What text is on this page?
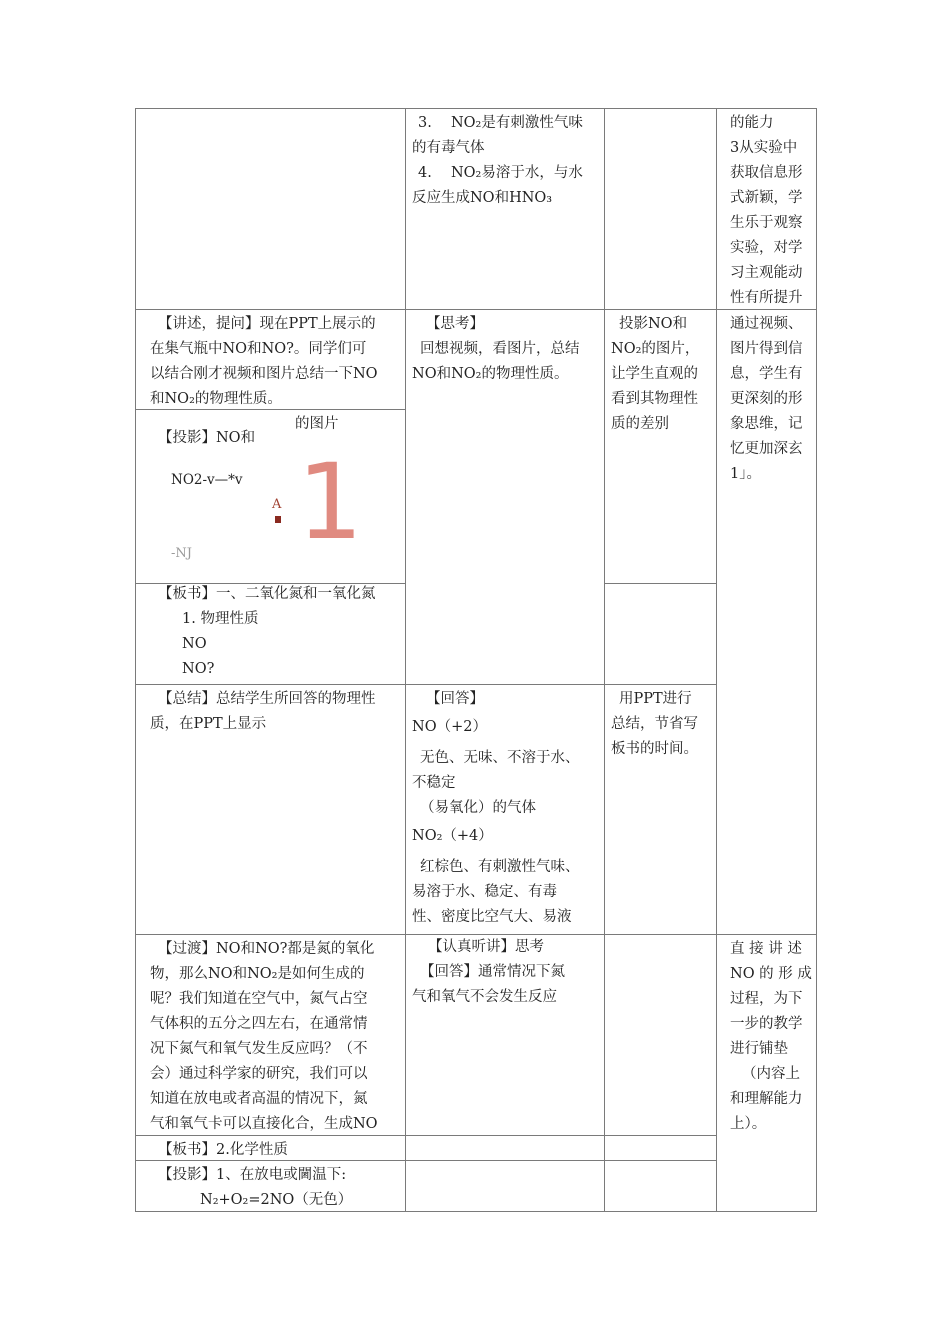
3.　 NO₂是有刺激性气味
的有毒气体
4.　 NO₂易溶于水，与水
反应生成NO和HNO₃
的能力
3从实验中
获取信息形
式新颖，学
生乐于观察
实验，对学
习主观能动
性有所提升
【讲述，提问】现在PPT上展示的
在集气瓶中NO和NO?。同学们可
以结合刚才视频和图片总结一下NO
和NO₂的物理性质。
【思考】
回想视频，看图片，总结
NO和NO₂的物理性质。
投影NO和
NO₂的图片，
让学生直观的
看到其物理性
质的差别
通过视频、
图片得到信
息，学生有
更深刻的形
象思维，记
忆更加深玄
1」。
的图片
【投影】NO和
NO2-v—*v
A 1
-NJ
【板书】一、二氧化氮和一氧化氮
1. 物理性质
NO
NO?
【总结】总结学生所回答的物理性
质，在PPT上显示
【回答】
NO（+2）
无色、无味、不溶于水、
不稳定
（易氧化）的气体
NO₂（+4）
红棕色、有刺激性气味、
易溶于水、稳定、有毒
性、密度比空气大、易液
用PPT进行
总结，节省写
板书的时间。
【过渡】NO和NO?都是氮的氧化
物，那么NO和NO₂是如何生成的
呢？我们知道在空气中，氮气占空
气体积的五分之四左右，在通常情
况下氮气和氧气发生反应吗？（不
会）通过科学家的研究，我们可以
知道在放电或者高温的情况下，氮
气和氧气卡可以直接化合，生成NO
【认真听讲】思考
【回答】通常情况下氮
气和氧气不会发生反应
直 接 讲 述
NO 的 形 成
过程，为下
一步的教学
进行铺垫
（内容上
和理解能力
上）。
【板书】2.化学性质
【投影】1、在放电或閫温下:
N₂+O₂=2NO（无色）
